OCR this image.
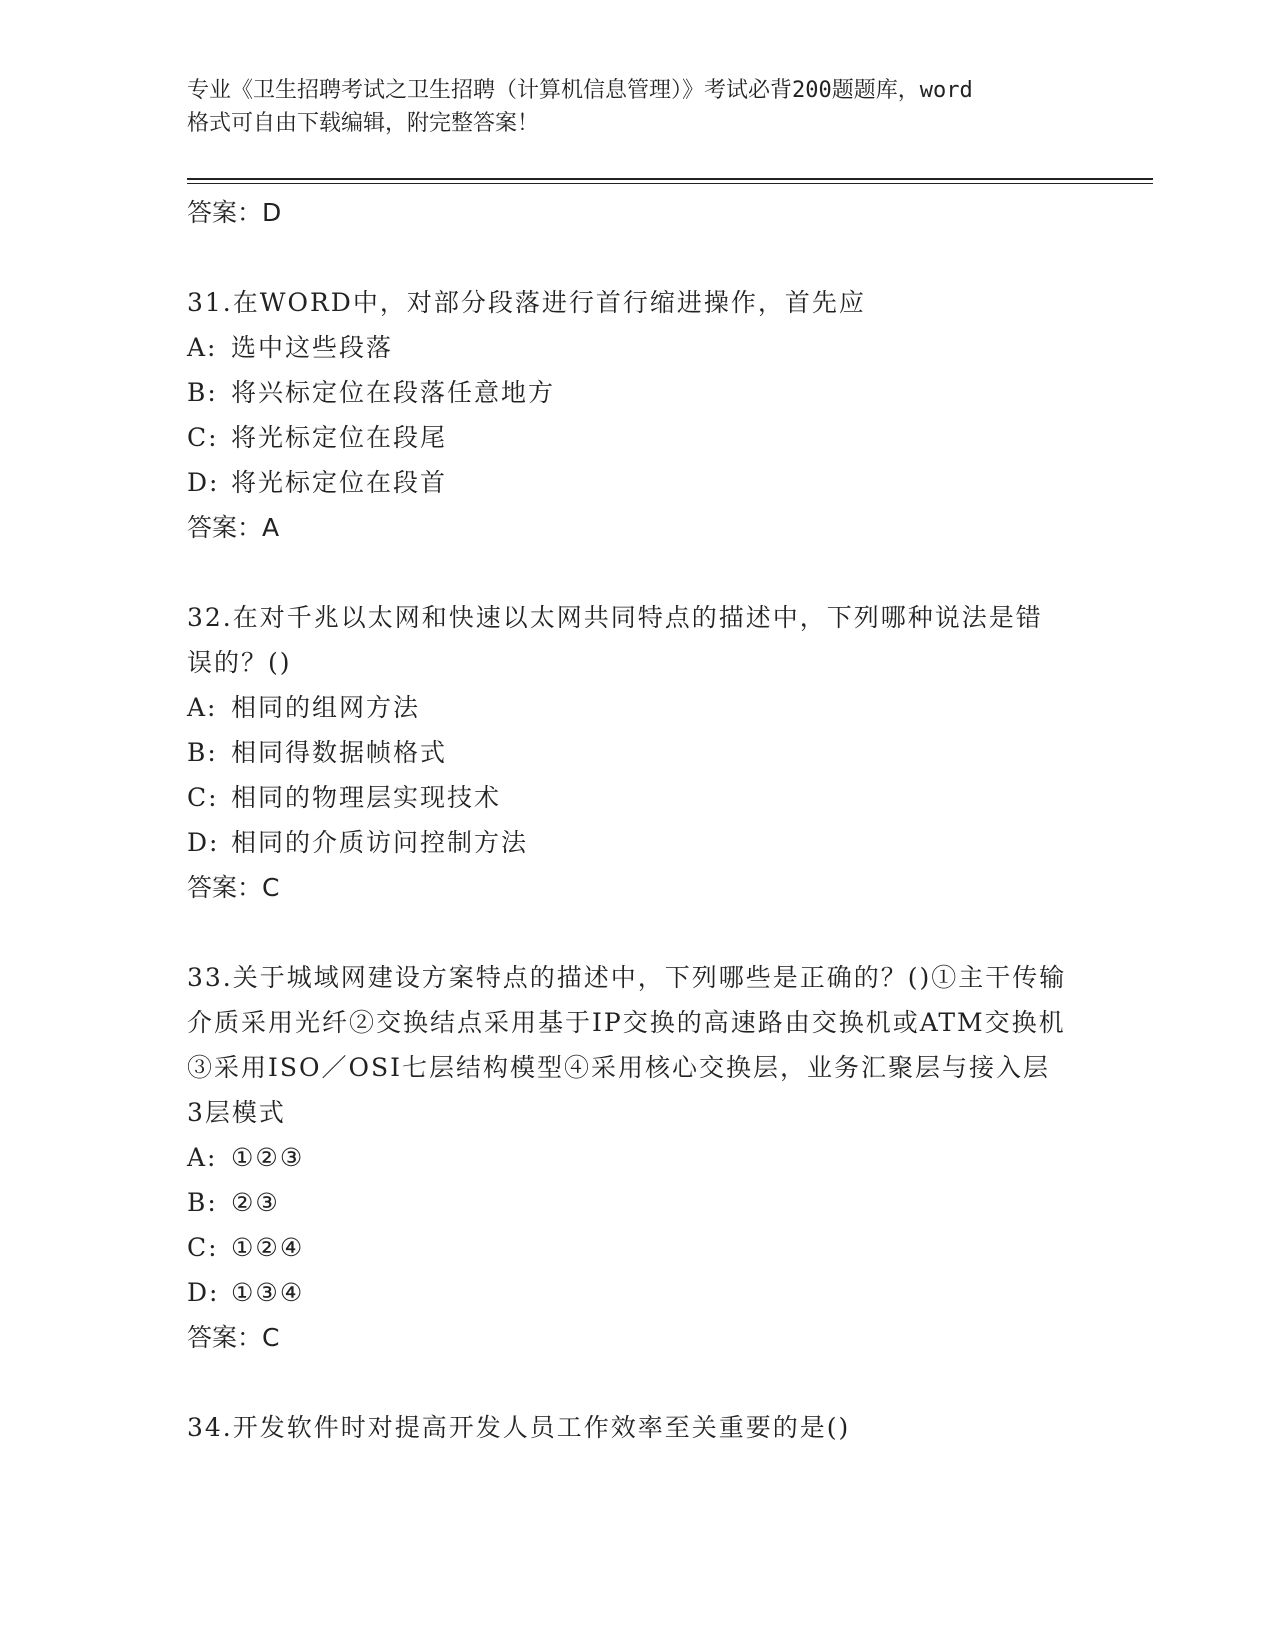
专业《卫生招聘考试之卫生招聘（计算机信息管理）》考试必背200题题库，word
格式可自由下载编辑，附完整答案！
答案：D
31.在WORD中，对部分段落进行首行缩进操作，首先应
A: 选中这些段落
B: 将兴标定位在段落任意地方
C: 将光标定位在段尾
D: 将光标定位在段首
答案：A
32.在对千兆以太网和快速以太网共同特点的描述中，下列哪种说法是错误的？()
A: 相同的组网方法
B: 相同得数据帧格式
C: 相同的物理层实现技术
D: 相同的介质访问控制方法
答案：C
33.关于城域网建设方案特点的描述中，下列哪些是正确的？()①主干传输介质采用光纤②交换结点采用基于IP交换的高速路由交换机或ATM交换机③采用ISO／OSI七层结构模型④采用核心交换层，业务汇聚层与接入层3层模式
A: ①②③
B: ②③
C: ①②④
D: ①③④
答案：C
34.开发软件时对提高开发人员工作效率至关重要的是()
